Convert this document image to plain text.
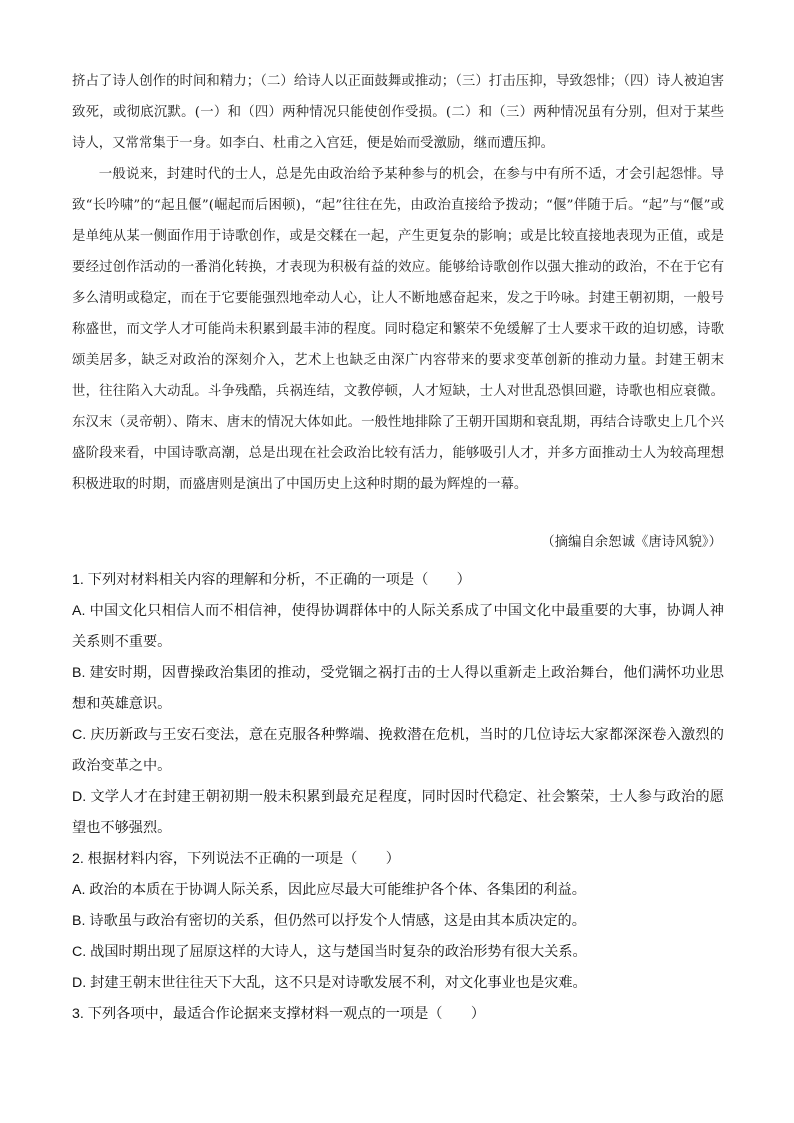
挤占了诗人创作的时间和精力；（二）给诗人以正面鼓舞或推动；（三）打击压抑，导致怨悱；（四）诗人被迫害致死，或彻底沉默。(一）和（四）两种情况只能使创作受损。(二）和（三）两种情况虽有分别，但对于某些诗人，又常常集于一身。如李白、杜甫之入宫廷，便是始而受激励，继而遭压抑。

一般说来，封建时代的士人，总是先由政治给予某种参与的机会，在参与中有所不适，才会引起怨悱。导致“长吟啸”的“起且偃”(崛起而后困顿)，“起”往往在先，由政治直接给予拨动；“偃”伴随于后。“起”与“偃”或是单纯从某一侧面作用于诗歌创作，或是交糅在一起，产生更复杂的影响；或是比较直接地表现为正值，或是要经过创作活动的一番消化转换，才表现为积极有益的效应。能够给诗歌创作以强大推动的政治，不在于它有多么清明或稳定，而在于它要能强烈地牵动人心，让人不断地感奋起来，发之于吟咏。封建王朝初期，一般号称盛世，而文学人才可能尚未积累到最丰沛的程度。同时稳定和繁荣不免缓解了士人要求干政的迫切感，诗歌颂美居多，缺乏对政治的深刻介入，艺术上也缺乏由深广内容带来的要求变革创新的推动力量。封建王朝末世，往往陷入大动乱。斗争残酷，兵祸连结，文教停顿，人才短缺，士人对世乱恐惧回避，诗歌也相应衰微。东汉末（灵帝朝）、隋末、唐末的情况大体如此。一般性地排除了王朝开国期和衰乱期，再结合诗歌史上几个兴盛阶段来看，中国诗歌高潮，总是出现在社会政治比较有活力，能够吸引人才，并多方面推动士人为较高理想积极进取的时期，而盛唐则是演出了中国历史上这种时期的最为辉煌的一幕。

（摘编自余恕诚《唐诗风貌》）

1. 下列对材料相关内容的理解和分析，不正确的一项是（　　）

A. 中国文化只相信人而不相信神，使得协调群体中的人际关系成了中国文化中最重要的大事，协调人神关系则不重要。

B. 建安时期，因曹操政治集团的推动，受党锢之祸打击的士人得以重新走上政治舞台，他们满怀功业思想和英雄意识。

C. 庆历新政与王安石变法，意在克服各种弊端、挽救潜在危机，当时的几位诗坛大家都深深卷入激烈的政治变革之中。

D. 文学人才在封建王朝初期一般未积累到最充足程度，同时因时代稳定、社会繁荣，士人参与政治的愿望也不够强烈。

2. 根据材料内容，下列说法不正确的一项是（　　）

A. 政治的本质在于协调人际关系，因此应尽最大可能维护各个体、各集团的利益。

B. 诗歌虽与政治有密切的关系，但仍然可以抒发个人情感，这是由其本质决定的。

C. 战国时期出现了屈原这样的大诗人，这与楚国当时复杂的政治形势有很大关系。

D. 封建王朝末世往往天下大乱，这不只是对诗歌发展不利，对文化事业也是灾难。

3. 下列各项中，最适合作论据来支撑材料一观点的一项是（　　）
